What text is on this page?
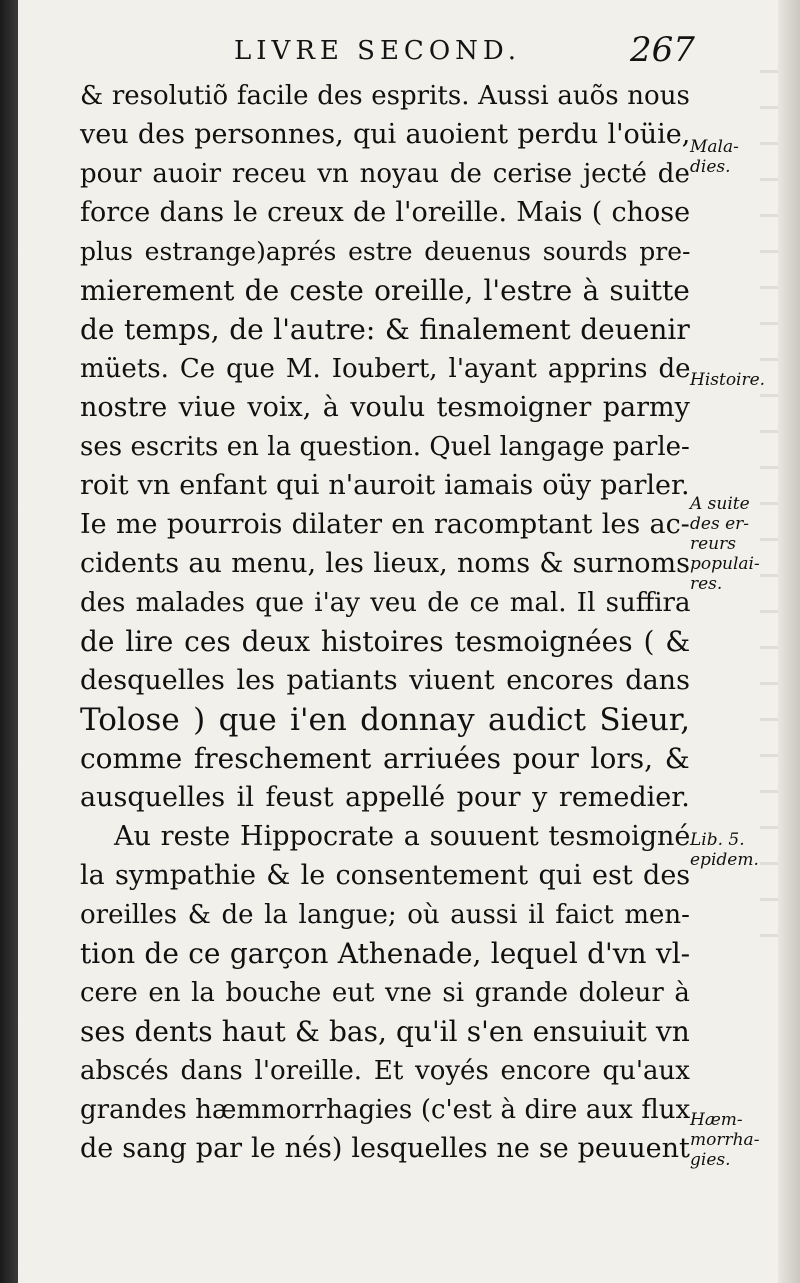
LIVRE SECOND.	267
& resolutiõ facile des esprits. Aussi auõs nous
veu des personnes, qui auoient perdu l'oüie,
pour auoir receu vn noyau de cerise jecté de
force dans le creux de l'oreille. Mais ( chose
plus estrange)aprés estre deuenus sourds pre-
mierement de ceste oreille, l'estre à suitte
de temps, de l'autre: & finalement deuenir
müets. Ce que M. Ioubert, l'ayant apprins de
nostre viue voix, à voulu tesmoigner parmy
ses escrits en la question. Quel langage parle-
roit vn enfant qui n'auroit iamais oüy parler.
Ie me pourrois dilater en racomptant les ac-
cidents au menu, les lieux, noms & surnoms
des malades que i'ay veu de ce mal. Il suffira
de lire ces deux histoires tesmoignées ( &
desquelles les patiants viuent encores dans
Tolose ) que i'en donnay audict Sieur,
comme freschement arriuées pour lors, &
ausquelles il feust appellé pour y remedier.
Au reste Hippocrate a souuent tesmoigné
la sympathie & le consentement qui est des
oreilles & de la langue; où aussi il faict men-
tion de ce garçon Athenade, lequel d'vn vl-
cere en la bouche eut vne si grande doleur à
ses dents haut & bas, qu'il s'en ensuiuit vn
abscés dans l'oreille. Et voyés encore qu'aux
grandes hæmmorrhagies (c'est à dire aux flux
de sang par le nés) lesquelles ne se peuuent
Mala-
dies.
Histoire.
A suite
des er-
reurs
populai-
res.
Lib. 5.
epidem.
Hæm-
morrha-
gies.
